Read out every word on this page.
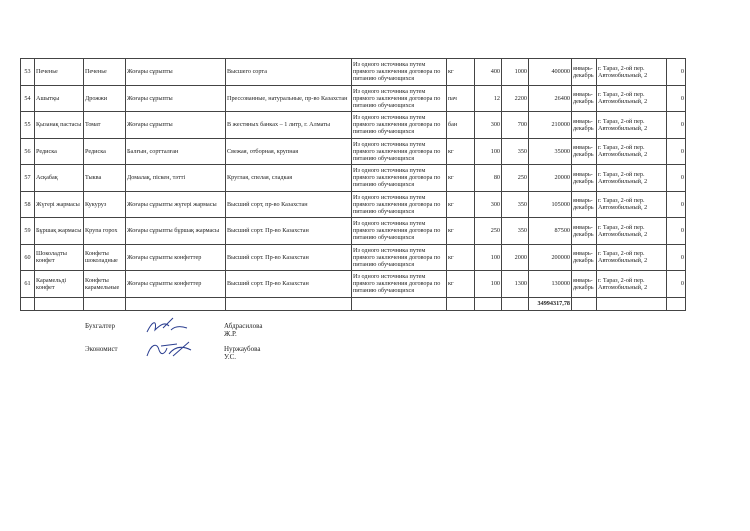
53	Печенье	Печенье	Жоғары сұрыпты	Высшего сорта	Из одного источника путем прямого заключения договора по питанию обучающихся	кг	400	1000	400000	январь-декабрь	г. Тараз, 2-ой пер. Автомобильный, 2	0
54	Ашытқы	Дрожжи	Жоғары сұрыпты	Прессованные, натуральные, пр-во Казахстан	Из одного источника путем прямого заключения договора по питанию обучающихся	пач	12	2200	26400	январь-декабрь	г. Тараз, 2-ой пер. Автомобильный, 2	0
55	Қызанақ пастасы	Томат	Жоғары сұрыпты	В жестяных банках – 1 литр, г. Алматы	Из одного источника путем прямого заключения договора по питанию обучающихся	бан	300	700	210000	январь-декабрь	г. Тараз, 2-ой пер. Автомобильный, 2	0
56	Редиска	Редиска	Балғын, сортталған	Свежая, отборная, крупная	Из одного источника путем прямого заключения договора по питанию обучающихся	кг	100	350	35000	январь-декабрь	г. Тараз, 2-ой пер. Автомобильный, 2	0
57	Асқабақ	Тыква	Домалақ, піскен, тәтті	Круглая, спелая, сладкая	Из одного источника путем прямого заключения договора по питанию обучающихся	кг	80	250	20000	январь-декабрь	г. Тараз, 2-ой пер. Автомобильный, 2	0
58	Жүгері жармасы	Кукуруз	Жоғары сұрыпты жүгері жармасы	Высший сорт, пр-во Казахстан	Из одного источника путем прямого заключения договора по питанию обучающихся	кг	300	350	105000	январь-декабрь	г. Тараз, 2-ой пер. Автомобильный, 2	0
59	Бұршақ жармасы	Крупа горох	Жоғары сұрыпты бұршақ жармасы	Высший сорт. Пр-во Казахстан	Из одного источника путем прямого заключения договора по питанию обучающихся	кг	250	350	87500	январь-декабрь	г. Тараз, 2-ой пер. Автомобильный, 2	0
60	Шоколадты конфет	Конфеты шоколадные	Жоғары сұрыпты конфеттер	Высший сорт. Пр-во Казахстан	Из одного источника путем прямого заключения договора по питанию обучающихся	кг	100	2000	200000	январь-декабрь	г. Тараз, 2-ой пер. Автомобильный, 2	0
61	Карамельді конфет	Конфеты карамельные	Жоғары сұрыпты конфеттер	Высший сорт. Пр-во Казахстан	Из одного источника путем прямого заключения договора по питанию обучающихся	кг	100	1300	130000	январь-декабрь	г. Тараз, 2-ой пер. Автомобильный, 2	0
									34994317,78			
Бухгалтер	Абдрасилова Ж.Р.
Экономист	Нуржаубова У.С.
